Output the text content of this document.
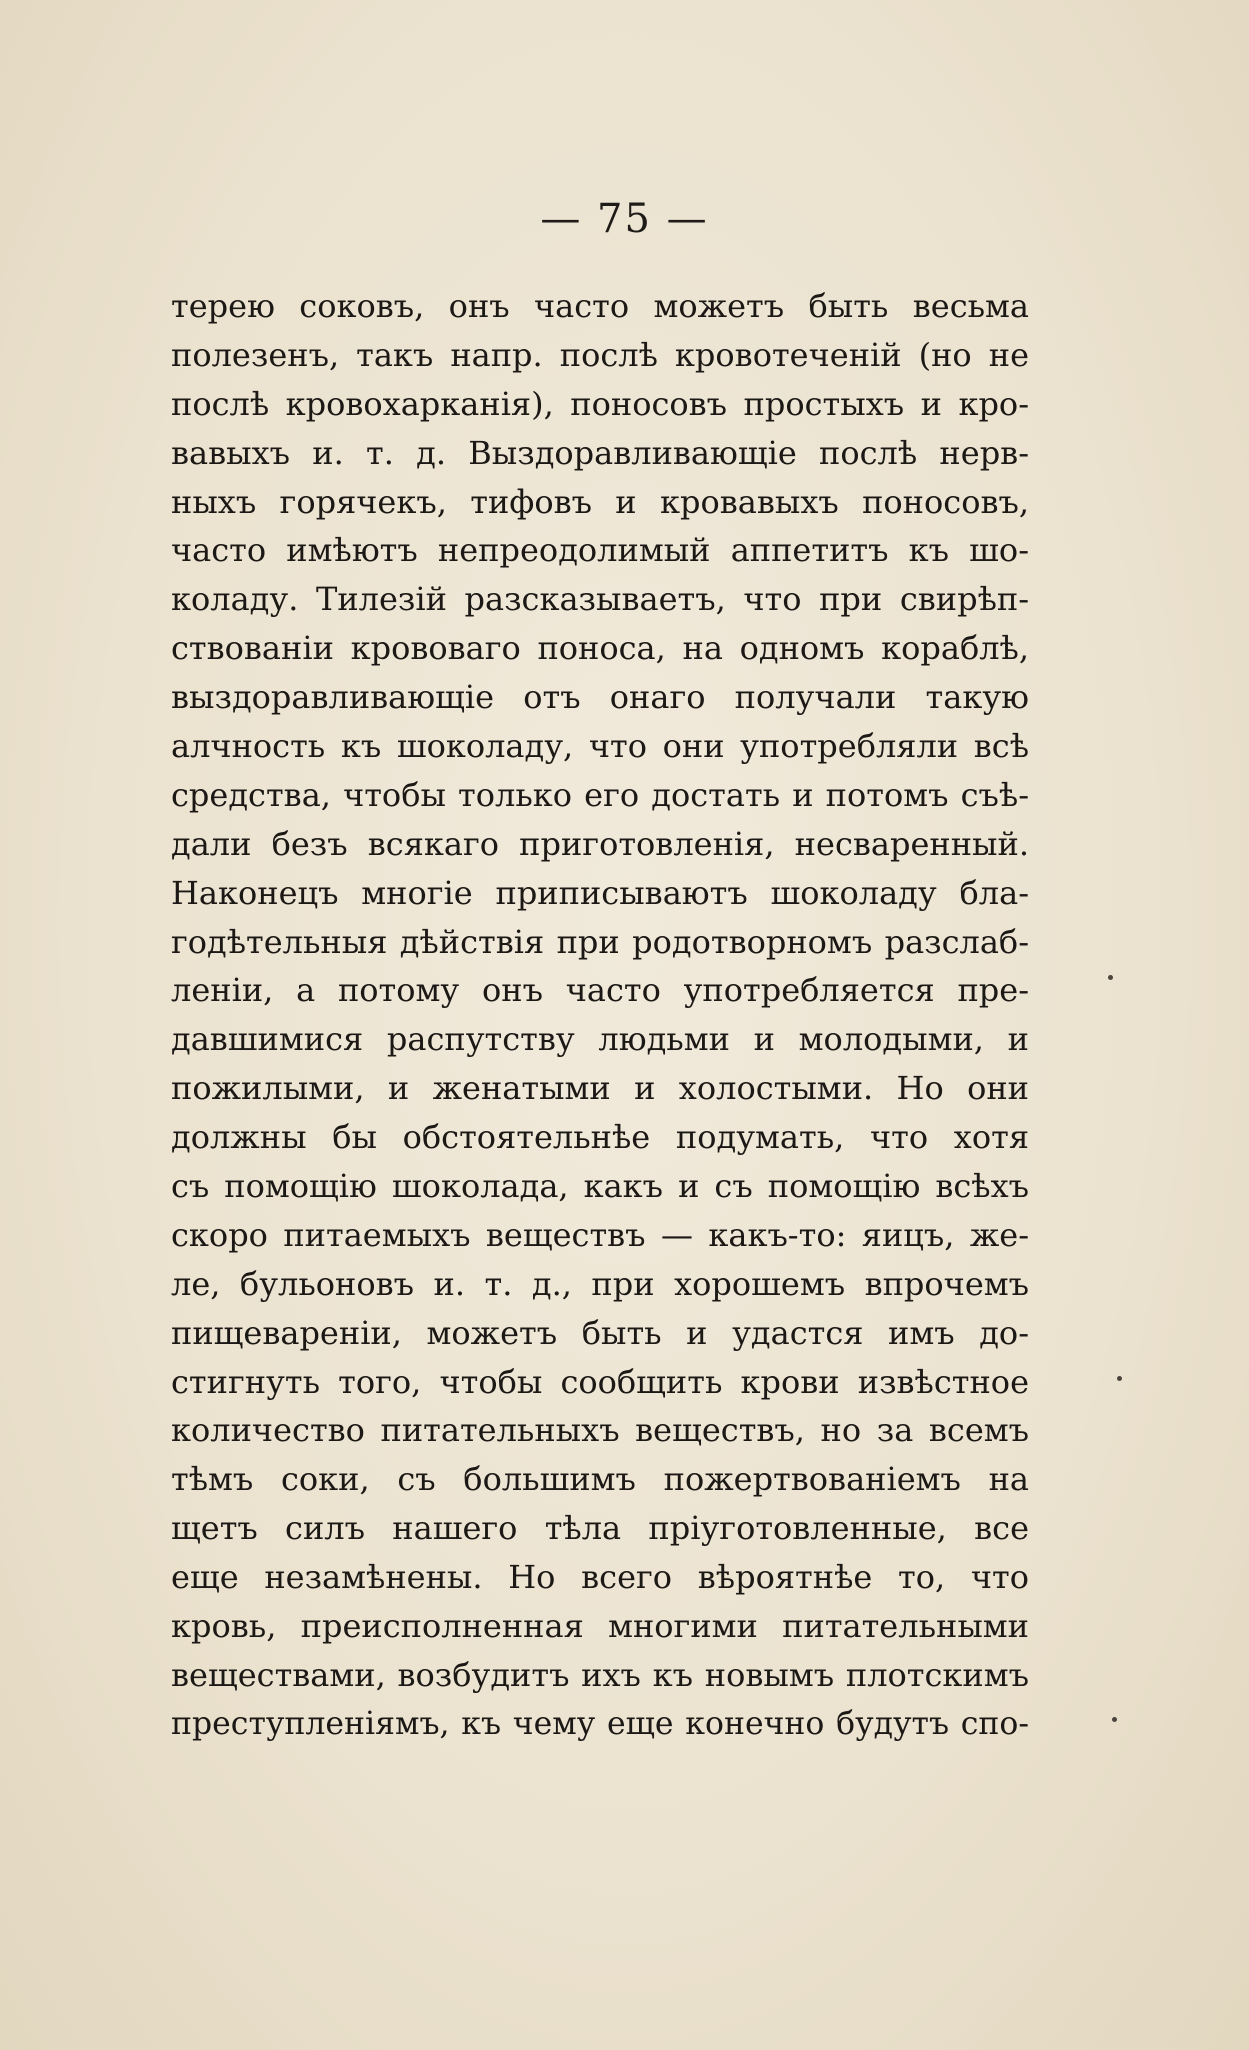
— 75 —
терею соковъ, онъ часто можетъ быть весьма
полезенъ, такъ напр. послѣ кровотеченій (но не
послѣ кровохарканія), поносовъ простыхъ и кро-
вавыхъ и. т. д. Выздоравливающіе послѣ нерв-
ныхъ горячекъ, тифовъ и кровавыхъ поносовъ,
часто имѣютъ непреодолимый аппетитъ къ шо-
коладу. Тилезій разсказываетъ, что при свирѣп-
ствованіи крововаго поноса, на одномъ кораблѣ,
выздоравливающіе отъ онаго получали такую
алчность къ шоколаду, что они употребляли всѣ
средства, чтобы только его достать и потомъ съѣ-
дали безъ всякаго приготовленія, несваренный.
Наконецъ многіе приписываютъ шоколаду бла-
годѣтельныя дѣйствія при родотворномъ разслаб-
леніи, а потому онъ часто употребляется пре-
давшимися распутству людьми и молодыми, и
пожилыми, и женатыми и холостыми. Но они
должны бы обстоятельнѣе подумать, что хотя
съ помощію шоколада, какъ и съ помощію всѣхъ
скоро питаемыхъ веществъ — какъ-то: яицъ, же-
ле, бульоновъ и. т. д., при хорошемъ впрочемъ
пищевареніи, можетъ быть и удастся имъ до-
стигнуть того, чтобы сообщить крови извѣстное
количество питательныхъ веществъ, но за всемъ
тѣмъ соки, съ большимъ пожертвованіемъ на
щетъ силъ нашего тѣла пріуготовленные, все
еще незамѣнены. Но всего вѣроятнѣе то, что
кровь, преисполненная многими питательными
веществами, возбудитъ ихъ къ новымъ плотскимъ
преступленіямъ, къ чему еще конечно будутъ спо-
